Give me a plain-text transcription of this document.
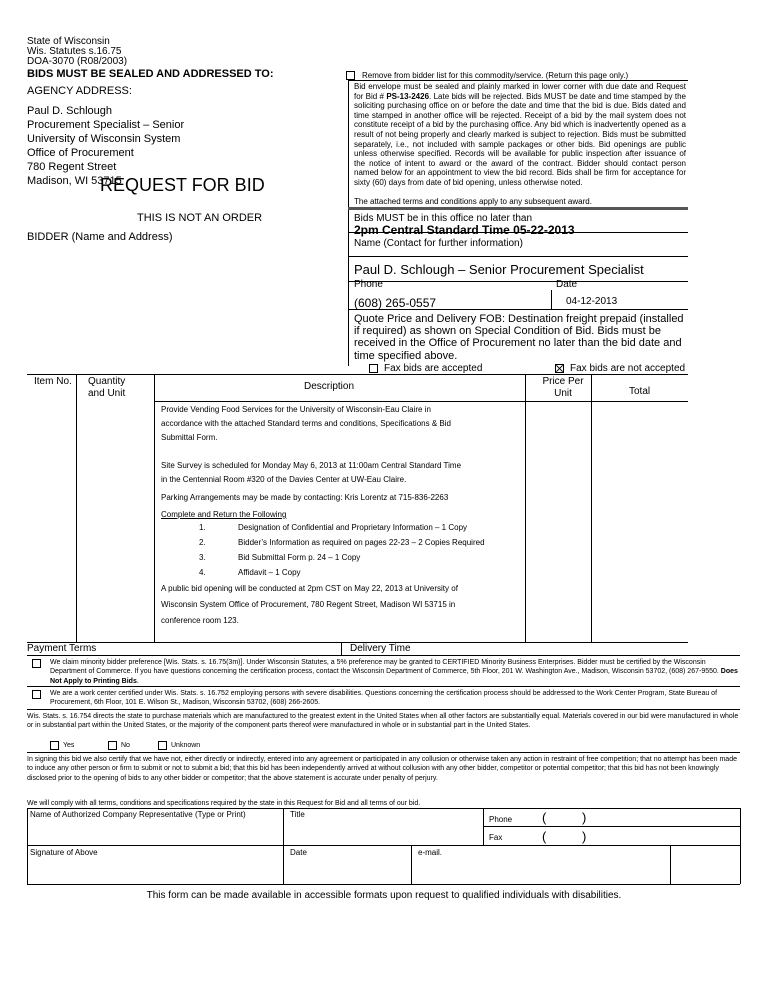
State of Wisconsin
Wis. Statutes s.16.75
DOA-3070 (R08/2003)
BIDS MUST BE SEALED AND ADDRESSED TO:
AGENCY ADDRESS:
Paul D. Schlough
Procurement Specialist – Senior
University of Wisconsin System
Office of Procurement
780 Regent Street
Madison, WI 53715
REQUEST FOR BID
THIS IS NOT AN ORDER
BIDDER (Name and Address)
Remove from bidder list for this commodity/service. (Return this page only.)
Bid envelope must be sealed and plainly marked in lower corner with due date and Request for Bid # PS-13-2426. Late bids will be rejected. Bids MUST be date and time stamped by the soliciting purchasing office on or before the date and time that the bid is due. Bids dated and time stamped in another office will be rejected. Receipt of a bid by the mail system does not constitute receipt of a bid by the purchasing office. Any bid which is inadvertently opened as a result of not being properly and clearly marked is subject to rejection. Bids must be submitted separately, i.e., not included with sample packages or other bids. Bid openings are public unless otherwise specified. Records will be available for public inspection after issuance of the notice of intent to award or the award of the contract. Bidder should contact person named below for an appointment to view the bid record. Bids shall be firm for acceptance for sixty (60) days from date of bid opening, unless otherwise noted.
The attached terms and conditions apply to any subsequent award.
Bids MUST be in this office no later than
2pm Central Standard Time 05-22-2013
Name (Contact for further information)
Paul D. Schlough – Senior Procurement Specialist
Phone	Date
(608) 265-0557	04-12-2013
Quote Price and Delivery FOB: Destination freight prepaid (installed if required) as shown on Special Condition of Bid. Bids must be received in the Office of Procurement no later than the bid date and time specified above.
Fax bids are accepted	Fax bids are not accepted
Item No. Quantity and Unit
Description	Price Per Unit	Total
Provide Vending Food Services for the University of Wisconsin-Eau Claire in
accordance with the attached Standard terms and conditions, Specifications & Bid
Submittal Form.
Site Survey is scheduled for Monday May 6, 2013 at 11:00am Central Standard Time
in the Centennial Room #320 of the Davies Center at UW-Eau Claire.
Parking Arrangements may be made by contacting: Kris Lorentz at 715-836-2263
Complete and Return the Following
1.	Designation of Confidential and Proprietary Information – 1 Copy
2.	Bidder’s Information as required on pages 22-23 – 2 Copies Required
3.	Bid Submittal Form p. 24 – 1 Copy
4.	Affidavit – 1 Copy
A public bid opening will be conducted at 2pm CST on May 22, 2013 at University of
Wisconsin System Office of Procurement, 780 Regent Street, Madison WI 53715 in
conference room 123.
Payment Terms	Delivery Time
We claim minority bidder preference [Wis. Stats. s. 16.75(3m)]. Under Wisconsin Statutes, a 5% preference may be granted to CERTIFIED Minority Business Enterprises. Bidder must be certified by the Wisconsin Department of Commerce. If you have questions concerning the certification process, contact the Wisconsin Department of Commerce, 5th Floor, 201 W. Washington Ave., Madison, Wisconsin 53702, (608) 267-9550. Does Not Apply to Printing Bids.
We are a work center certified under Wis. Stats. s. 16.752 employing persons with severe disabilities. Questions concerning the certification process should be addressed to the Work Center Program, State Bureau of Procurement, 6th Floor, 101 E. Wilson St., Madison, Wisconsin 53702, (608) 266-2605.
Wis. Stats. s. 16.754 directs the state to purchase materials which are manufactured to the greatest extent in the United States when all other factors are substantially equal. Materials covered in our bid were manufactured in whole or in substantial part within the United States, or the majority of the component parts thereof were manufactured in whole or in substantial part in the United States.
Yes	No	Unknown
In signing this bid we also certify that we have not, either directly or indirectly, entered into any agreement or participated in any collusion or otherwise taken any action in restraint of free competition; that no attempt has been made to induce any other person or firm to submit or not to submit a bid; that this bid has been independently arrived at without collusion with any other bidder, competitor or potential competitor; that this bid has not been knowingly disclosed prior to the opening of bids to any other bidder or competitor; that the above statement is accurate under penalty of perjury.
We will comply with all terms, conditions and specifications required by the state in this Request for Bid and all terms of our bid.
Name of Authorized Company Representative (Type or Print)	Title
Phone (	)
Fax	(	)
Signature of Above	Date	e-mail.
This form can be made available in accessible formats upon request to qualified individuals with disabilities.
